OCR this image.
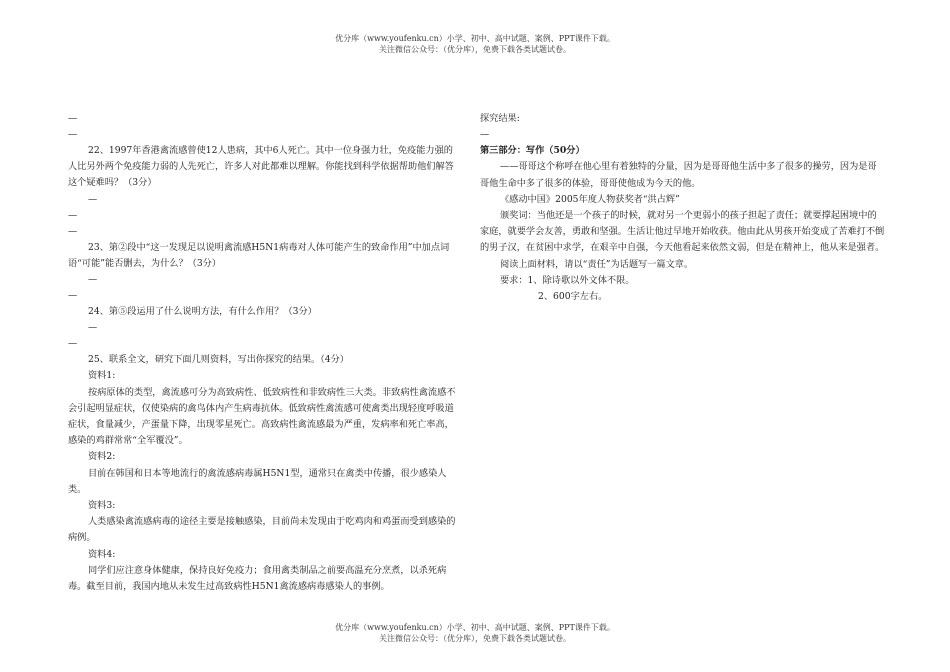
优分库（www.youfenku.cn）小学、初中、高中试题、案例、PPT课件下载。
关注微信公众号：（优分库），免费下载各类试题试卷。

—

—

22、1997年香港禽流感曾使12人患病，其中6人死亡。其中一位身强力壮，免疫能力强的人比另外两个免疫能力弱的人先死亡，许多人对此都难以理解。你能找到科学依据帮助他们解答这个疑难吗？（3分）

—

—

—

23、第②段中“这一发现足以说明禽流感H5N1病毒对人体可能产生的致命作用”中加点词语“可能”能否删去，为什么？（3分）

—

—

24、第⑤段运用了什么说明方法，有什么作用？（3分）

—

—

25、联系全文，研究下面几则资料，写出你探究的结果。（4分）

资料1:

按病原体的类型，禽流感可分为高致病性、低致病性和非致病性三大类。非致病性禽流感不会引起明显症状，仅使染病的禽鸟体内产生病毒抗体。低致病性禽流感可使禽类出现轻度呼吸道症状，食量减少，产蛋量下降，出现零星死亡。高致病性禽流感最为严重，发病率和死亡率高，感染的鸡群常常“全军覆没”。

资料2:

目前在韩国和日本等地流行的禽流感病毒属H5N1型，通常只在禽类中传播，很少感染人类。

资料3:

人类感染禽流感病毒的途径主要是接触感染，目前尚未发现由于吃鸡肉和鸡蛋而受到感染的病例。

资料4:

同学们应注意身体健康，保持良好免疫力；食用禽类制品之前要高温充分烹煮，以杀死病毒。截至目前，我国内地从未发生过高致病性H5N1禽流感病毒感染人的事例。

探究结果:

—

第三部分：写作（50分）

——哥哥这个称呼在他心里有着独特的分量，因为是哥哥他生活中多了很多的操劳，因为是哥哥他生命中多了很多的体验，哥哥使他成为今天的他。

《感动中国》2005年度人物获奖者“洪占辉”

颁奖词：当他还是一个孩子的时候，就对另一个更弱小的孩子担起了责任；就要撑起困境中的家庭，就要学会友善，勇敢和坚强。生活让他过早地开始收获。他由此从男孩开始变成了苦难打不倒的男子汉，在贫困中求学，在艰辛中自强，今天他看起来依然文弱，但是在精神上，他从来是强者。

阅读上面材料，请以“责任”为话题写一篇文章。

要求：1、除诗歌以外文体不限。

2、600字左右。

优分库（www.youfenku.cn）小学、初中、高中试题、案例、PPT课件下载。
关注微信公众号：（优分库），免费下载各类试题试卷。
